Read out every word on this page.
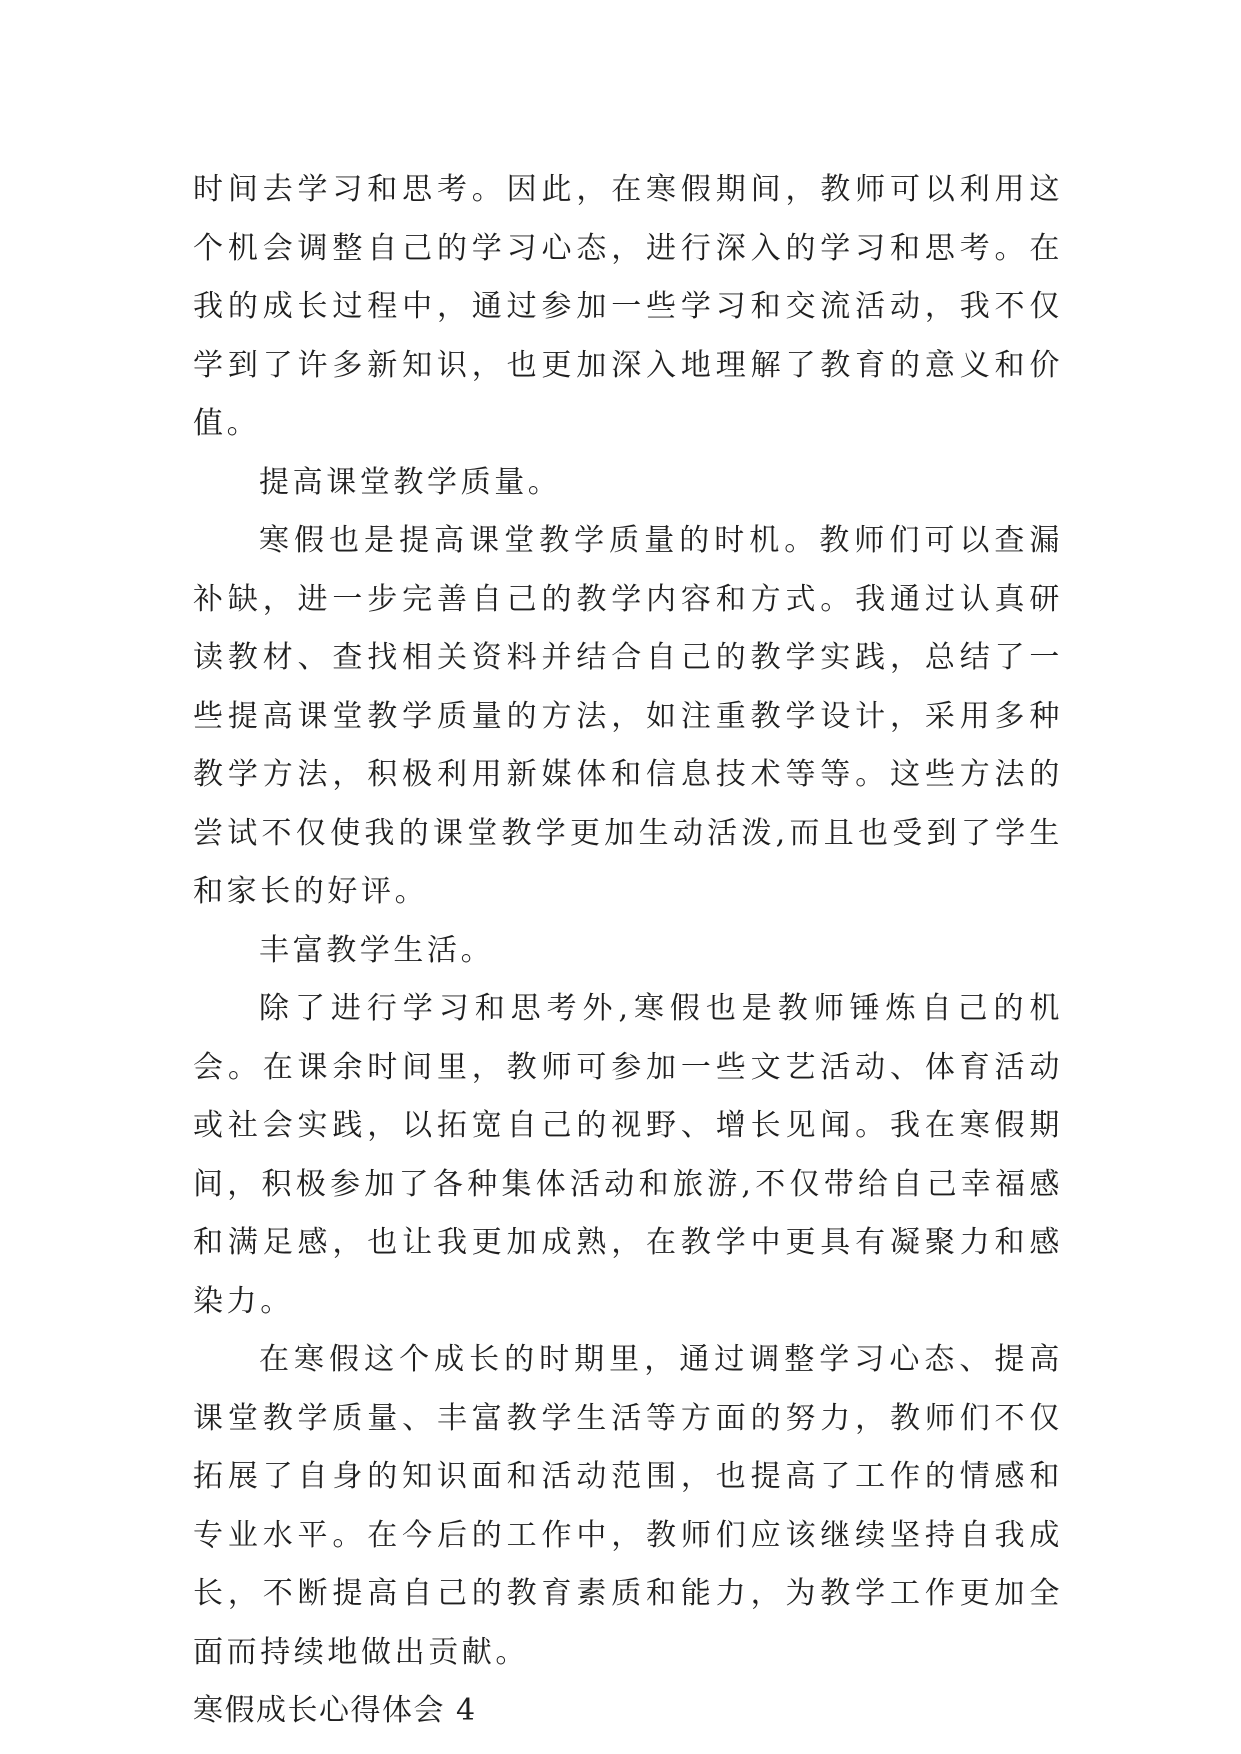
时间去学习和思考。因此，在寒假期间，教师可以利用这个机会调整自己的学习心态，进行深入的学习和思考。在我的成长过程中，通过参加一些学习和交流活动，我不仅学到了许多新知识，也更加深入地理解了教育的意义和价值。

提高课堂教学质量。

寒假也是提高课堂教学质量的时机。教师们可以查漏补缺，进一步完善自己的教学内容和方式。我通过认真研读教材、查找相关资料并结合自己的教学实践，总结了一些提高课堂教学质量的方法，如注重教学设计，采用多种教学方法，积极利用新媒体和信息技术等等。这些方法的尝试不仅使我的课堂教学更加生动活泼,而且也受到了学生和家长的好评。

丰富教学生活。

除了进行学习和思考外,寒假也是教师锤炼自己的机会。在课余时间里，教师可参加一些文艺活动、体育活动或社会实践，以拓宽自己的视野、增长见闻。我在寒假期间，积极参加了各种集体活动和旅游,不仅带给自己幸福感和满足感，也让我更加成熟，在教学中更具有凝聚力和感染力。

在寒假这个成长的时期里，通过调整学习心态、提高课堂教学质量、丰富教学生活等方面的努力，教师们不仅拓展了自身的知识面和活动范围，也提高了工作的情感和专业水平。在今后的工作中，教师们应该继续坚持自我成长，不断提高自己的教育素质和能力，为教学工作更加全面而持续地做出贡献。

寒假成长心得体会 4
